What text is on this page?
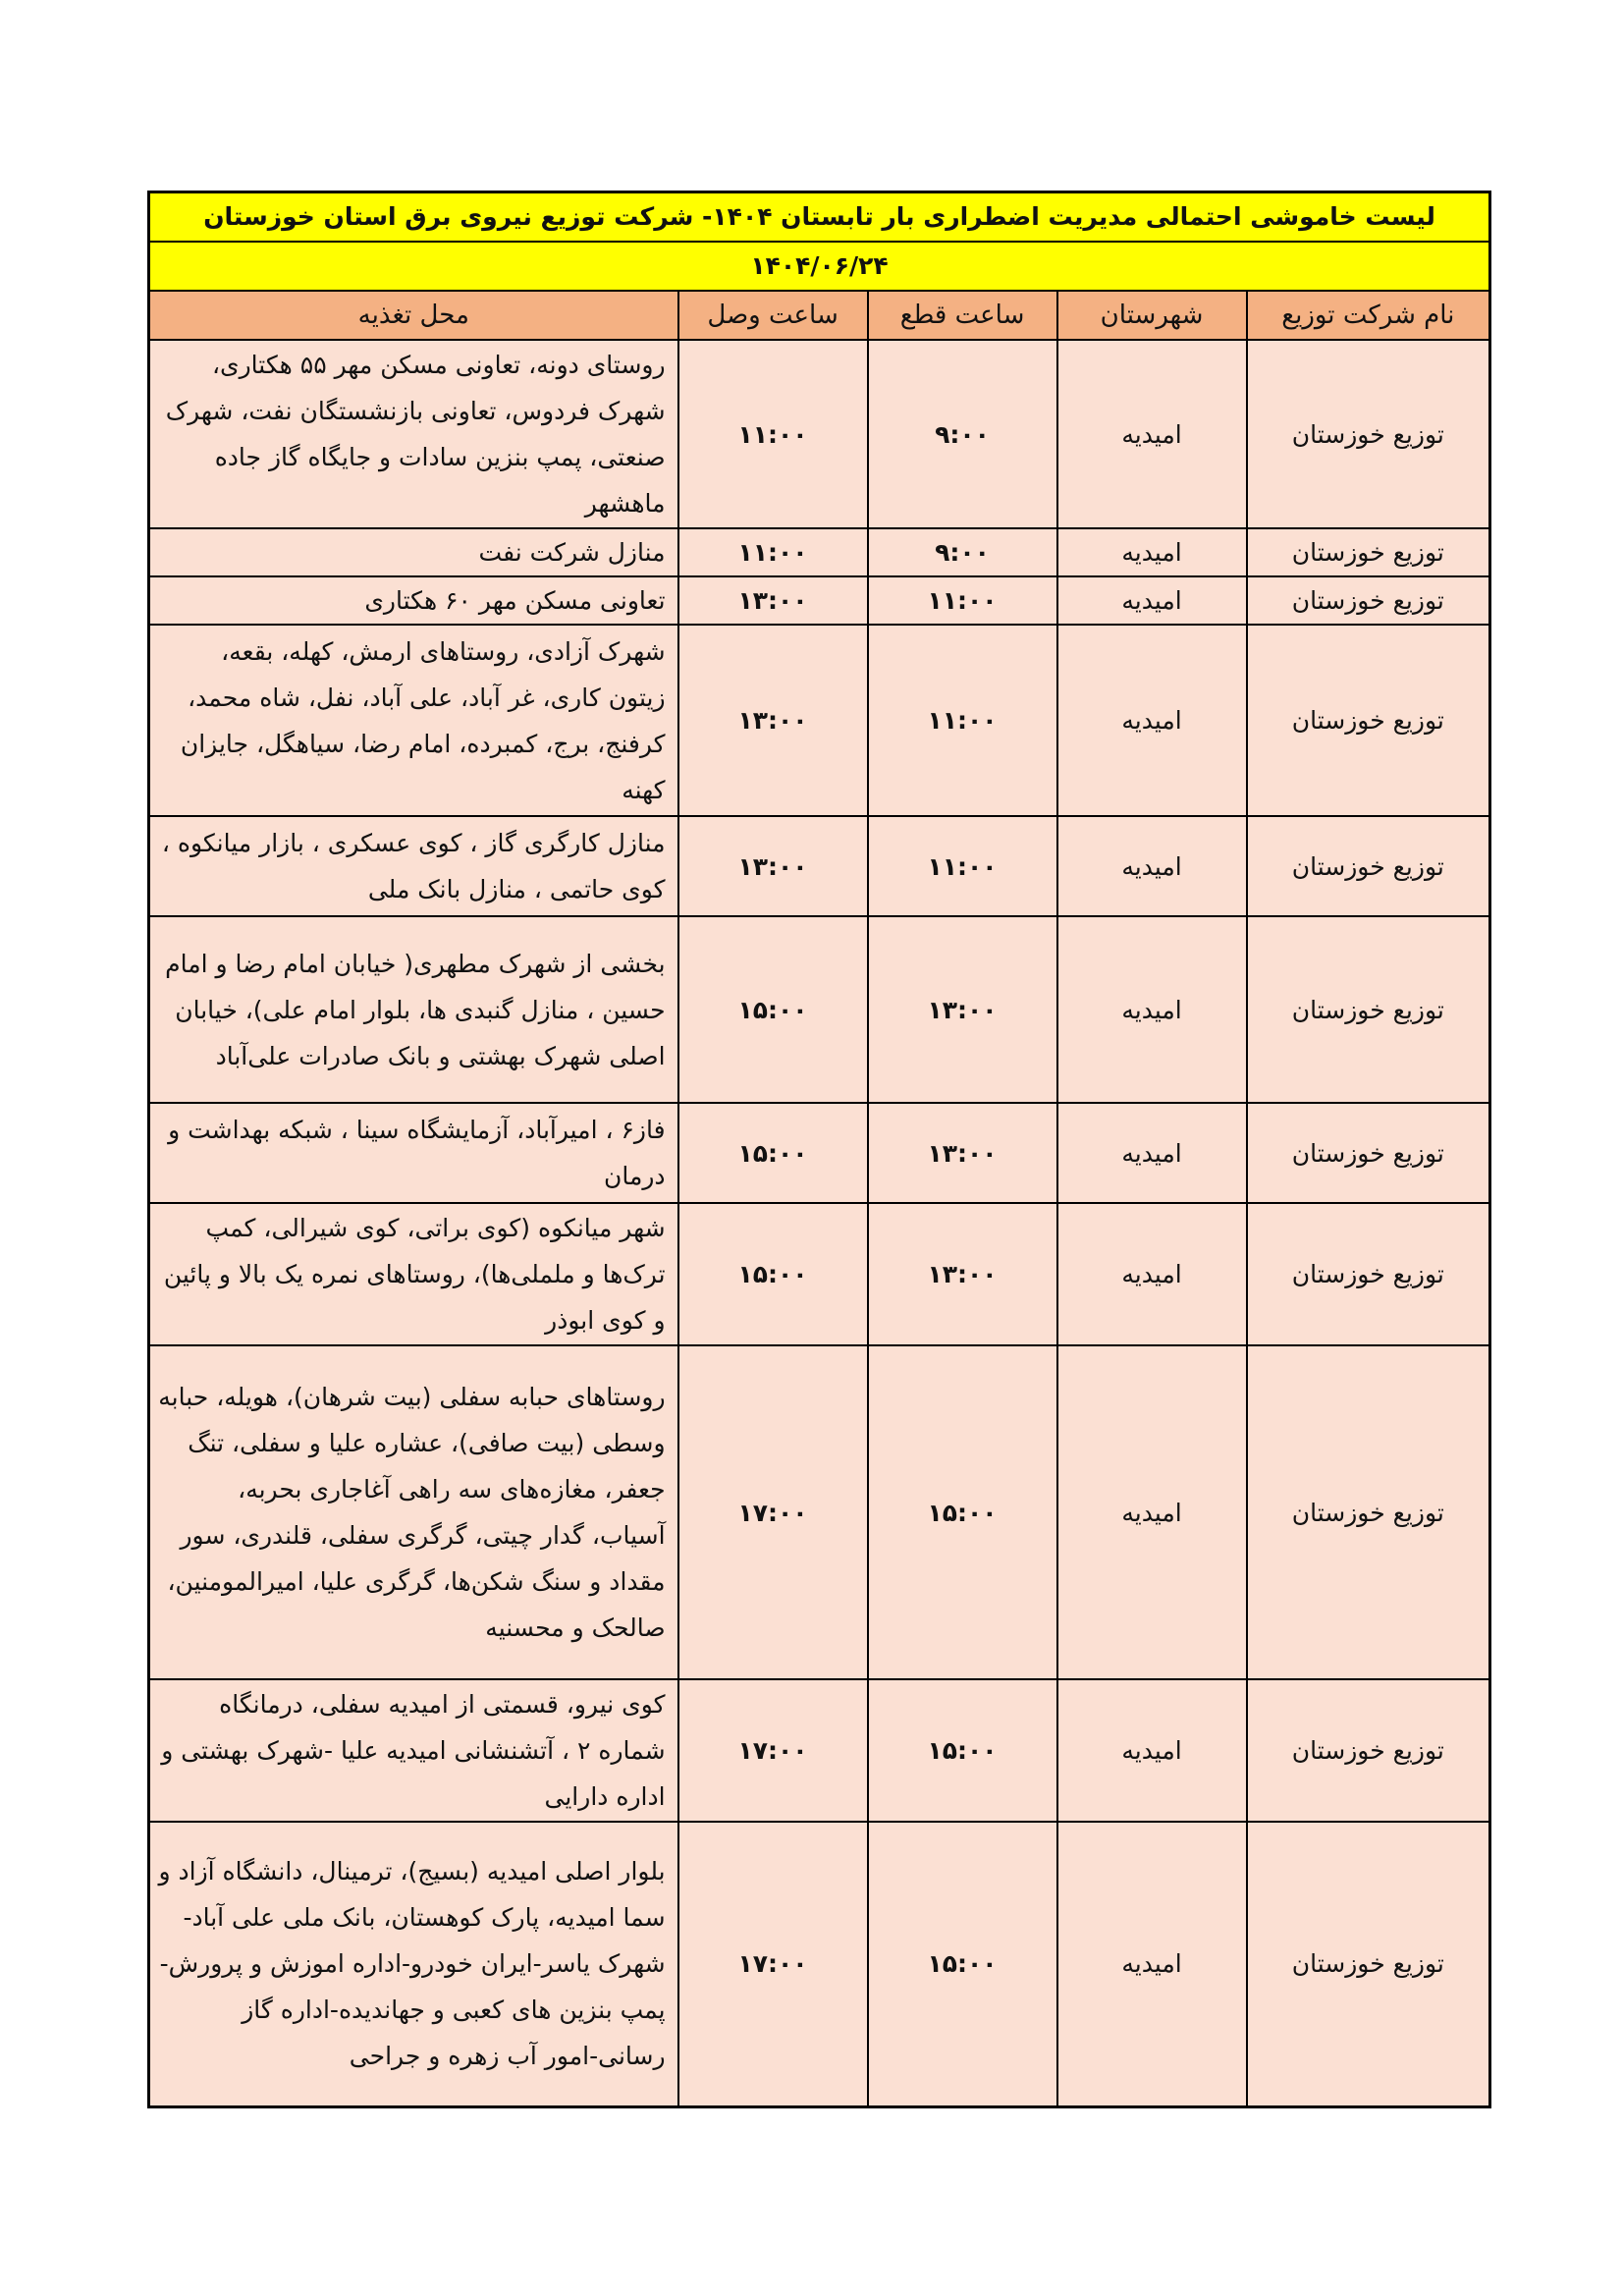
لیست خاموشی احتمالی مدیریت اضطراری بار تابستان ۱۴۰۴- شرکت توزیع نیروی برق استان خوزستان				
۱۴۰۴/۰۶/۲۴				
نام شرکت توزیع	شهرستان	ساعت قطع	ساعت وصل	محل تغذیه
توزیع خوزستان	امیدیه	۹:۰۰	۱۱:۰۰	روستای دونه، تعاونی مسکن مهر ۵۵ هکتاری، شهرک فردوس، تعاونی بازنشستگان نفت، شهرک صنعتی، پمپ بنزین سادات و جایگاه گاز جاده ماهشهر
توزیع خوزستان	امیدیه	۹:۰۰	۱۱:۰۰	منازل شرکت نفت
توزیع خوزستان	امیدیه	۱۱:۰۰	۱۳:۰۰	تعاونی مسکن مهر ۶۰ هکتاری
توزیع خوزستان	امیدیه	۱۱:۰۰	۱۳:۰۰	شهرک آزادی، روستاهای ارمش، کهله، بقعه، زیتون کاری، غر آباد، علی آباد، نفل، شاه محمد، کرفنج، برج، کمبرده، امام رضا، سیاهگل، جایزان کهنه
توزیع خوزستان	امیدیه	۱۱:۰۰	۱۳:۰۰	منازل کارگری گاز ، کوی عسکری ، بازار میانکوه ، کوی حاتمی ، منازل بانک ملی
توزیع خوزستان	امیدیه	۱۳:۰۰	۱۵:۰۰	بخشی از شهرک مطهری( خیابان امام رضا و امام حسین ، منازل گنبدی ها، بلوار امام علی)، خیابان اصلی شهرک بهشتی و بانک صادرات علی‌آباد
توزیع خوزستان	امیدیه	۱۳:۰۰	۱۵:۰۰	فاز۶ ، امیرآباد، آزمایشگاه سینا ، شبکه بهداشت و درمان
توزیع خوزستان	امیدیه	۱۳:۰۰	۱۵:۰۰	شهر میانکوه (کوی براتی، کوی شیرالی، کمپ ترک‌ها و ململی‌ها)، روستاهای نمره یک بالا و پائین و کوی ابوذر
توزیع خوزستان	امیدیه	۱۵:۰۰	۱۷:۰۰	روستاهای حبابه سفلی (بیت شرهان)، هویله، حبابه وسطی (بیت صافی)، عشاره علیا و سفلی، تنگ جعفر، مغازه‌های سه راهی آغاجاری بحربه، آسیاب، گدار چیتی، گرگری سفلی، قلندری، سور مقداد و سنگ شکن‌ها، گرگری علیا، امیرالمومنین، صالحک و محسنیه
توزیع خوزستان	امیدیه	۱۵:۰۰	۱۷:۰۰	کوی نیرو، قسمتی از امیدیه سفلی، درمانگاه شماره ۲ ، آتشنشانی امیدیه علیا -شهرک بهشتی و اداره دارایی
توزیع خوزستان	امیدیه	۱۵:۰۰	۱۷:۰۰	بلوار اصلی امیدیه (بسیج)، ترمینال، دانشگاه آزاد و سما امیدیه، پارک کوهستان، بانک ملی علی آباد-شهرک یاسر-ایران خودرو-اداره اموزش و پرورش-پمپ بنزین های کعبی و جهاندیده-اداره گاز رسانی-امور آب زهره و جراحی
